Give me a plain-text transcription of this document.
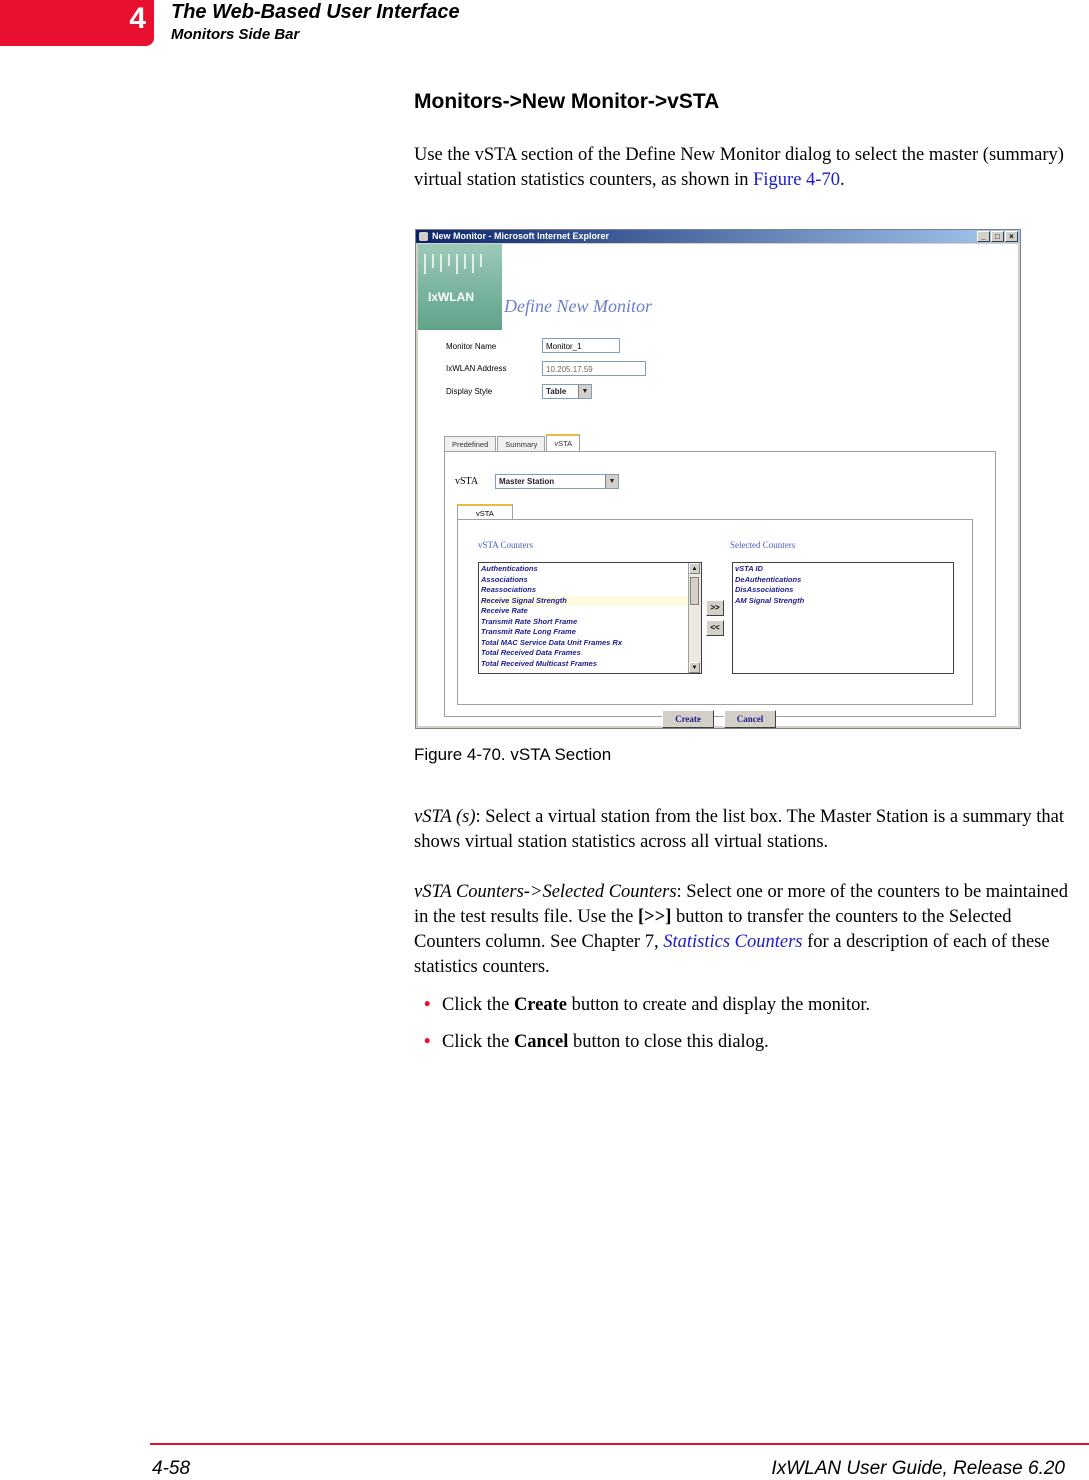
4 The Web-Based User Interface
Monitors Side Bar
Monitors->New Monitor->vSTA
Use the vSTA section of the Define New Monitor dialog to select the master (summary) virtual station statistics counters, as shown in Figure 4-70.
New Monitor - Microsoft Internet Explorer	_	□	×
IxWLAN Define New Monitor
Monitor Name	Monitor_1
IxWLAN Address	10.205.17.59
Display Style	Table	▼
Predefined	Summary	vSTA
vSTA	Master Station	▼
vSTA
vSTA Counters	Selected Counters
Authentications
Associations
Reassociations
Receive Signal Strength
Receive Rate
Transmit Rate Short Frame
Transmit Rate Long Frame
Total MAC Service Data Unit Frames Rx
Total Received Data Frames
Total Received Multicast Frames
▲
▼
>>
<<
vSTA ID
DeAuthentications
DisAssociations
AM Signal Strength
Create	Cancel
Figure 4-70. vSTA Section
vSTA (s): Select a virtual station from the list box. The Master Station is a summary that shows virtual station statistics across all virtual stations.
vSTA Counters->Selected Counters: Select one or more of the counters to be maintained in the test results file. Use the [>>] button to transfer the counters to the Selected Counters column. See Chapter 7, Statistics Counters for a description of each of these statistics counters.
• Click the Create button to create and display the monitor.
• Click the Cancel button to close this dialog.
4-58	IxWLAN User Guide, Release 6.20
